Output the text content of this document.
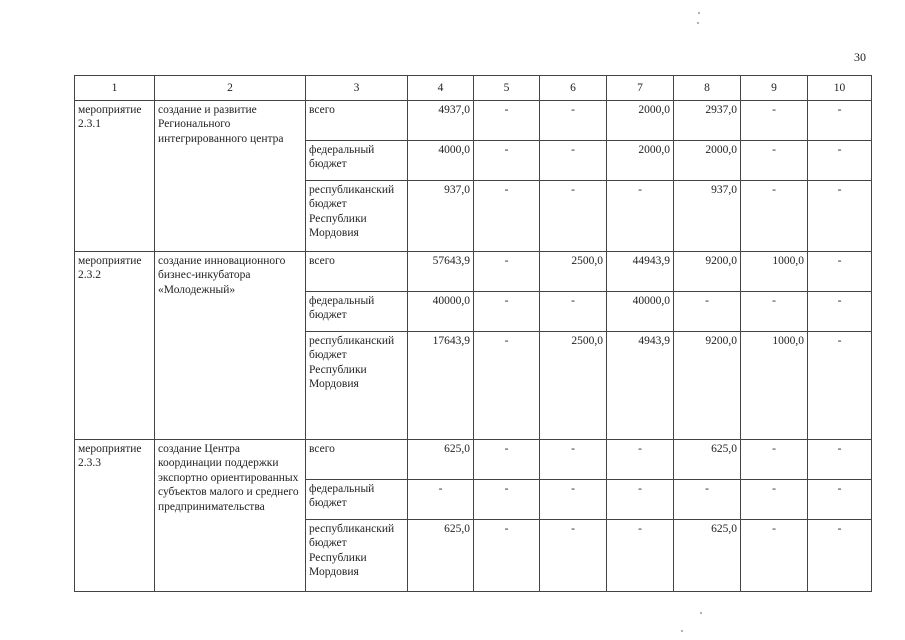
30
1	2	3	4	5	6	7	8	9	10
мероприятие 2.3.1	создание и развитие Регионального интегрированного центра	всего	4937,0	-	-	2000,0	2937,0	-	-
		федеральный бюджет	4000,0	-	-	2000,0	2000,0	-	-
		республиканский бюджет Республики Мордовия	937,0	-	-	-	937,0	-	-
мероприятие 2.3.2	создание инновационного бизнес-инкубатора «Молодежный»	всего	57643,9	-	2500,0	44943,9	9200,0	1000,0	-
		федеральный бюджет	40000,0	-	-	40000,0	-	-	-
		республиканский бюджет Республики Мордовия	17643,9	-	2500,0	4943,9	9200,0	1000,0	-
мероприятие 2.3.3	создание Центра координации поддержки экспортно ориентированных субъектов малого и среднего предпринимательства	всего	625,0	-	-	-	625,0	-	-
		федеральный бюджет	-	-	-	-	-	-	-
		республиканский бюджет Республики Мордовия	625,0	-	-	-	625,0	-	-
